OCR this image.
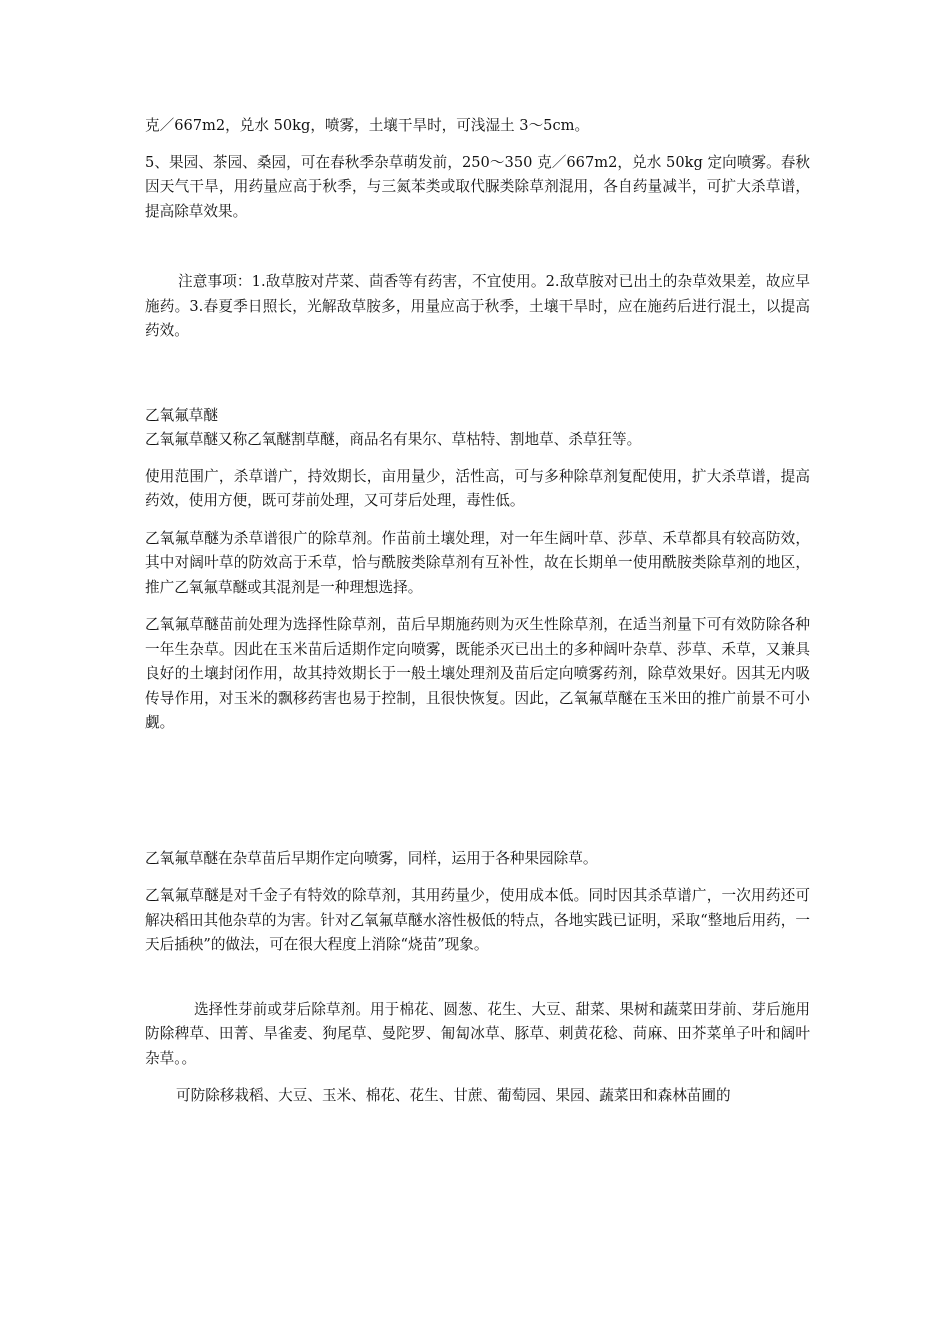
克／667m2，兑水 50kg，喷雾，土壤干旱时，可浅湿土 3～5cm。

5、果园、茶园、桑园，可在春秋季杂草萌发前，250～350 克／667m2，兑水 50kg 定向喷雾。春秋因天气干旱，用药量应高于秋季，与三氮苯类或取代脲类除草剂混用，各自药量减半，可扩大杀草谱，提高除草效果。

注意事项：1.敌草胺对芹菜、茴香等有药害，不宜使用。2.敌草胺对已出土的杂草效果差，故应早施药。3.春夏季日照长，光解敌草胺多，用量应高于秋季，土壤干旱时，应在施药后进行混土，以提高药效。

乙氧氟草醚

乙氧氟草醚又称乙氧醚割草醚，商品名有果尔、草枯特、割地草、杀草狂等。

使用范围广，杀草谱广，持效期长，亩用量少，活性高，可与多种除草剂复配使用，扩大杀草谱，提高药效，使用方便，既可芽前处理，又可芽后处理，毒性低。

乙氧氟草醚为杀草谱很广的除草剂。作苗前土壤处理，对一年生阔叶草、莎草、禾草都具有较高防效，其中对阔叶草的防效高于禾草，恰与酰胺类除草剂有互补性，故在长期单一使用酰胺类除草剂的地区，推广乙氧氟草醚或其混剂是一种理想选择。

乙氧氟草醚苗前处理为选择性除草剂，苗后早期施药则为灭生性除草剂，在适当剂量下可有效防除各种一年生杂草。因此在玉米苗后适期作定向喷雾，既能杀灭已出土的多种阔叶杂草、莎草、禾草，又兼具良好的土壤封闭作用，故其持效期长于一般土壤处理剂及苗后定向喷雾药剂，除草效果好。因其无内吸传导作用，对玉米的飘移药害也易于控制，且很快恢复。因此，乙氧氟草醚在玉米田的推广前景不可小觑。

乙氧氟草醚在杂草苗后早期作定向喷雾，同样，运用于各种果园除草。

乙氧氟草醚是对千金子有特效的除草剂，其用药量少，使用成本低。同时因其杀草谱广，一次用药还可解决稻田其他杂草的为害。针对乙氧氟草醚水溶性极低的特点，各地实践已证明，采取“整地后用药，一天后插秧”的做法，可在很大程度上消除“烧苗”现象。

选择性芽前或芽后除草剂。用于棉花、圆葱、花生、大豆、甜菜、果树和蔬菜田芽前、芽后施用防除稗草、田菁、旱雀麦、狗尾草、曼陀罗、匍匐冰草、豚草、刺黄花稔、苘麻、田芥菜单子叶和阔叶杂草。。

可防除移栽稻、大豆、玉米、棉花、花生、甘蔗、葡萄园、果园、蔬菜田和森林苗圃的
